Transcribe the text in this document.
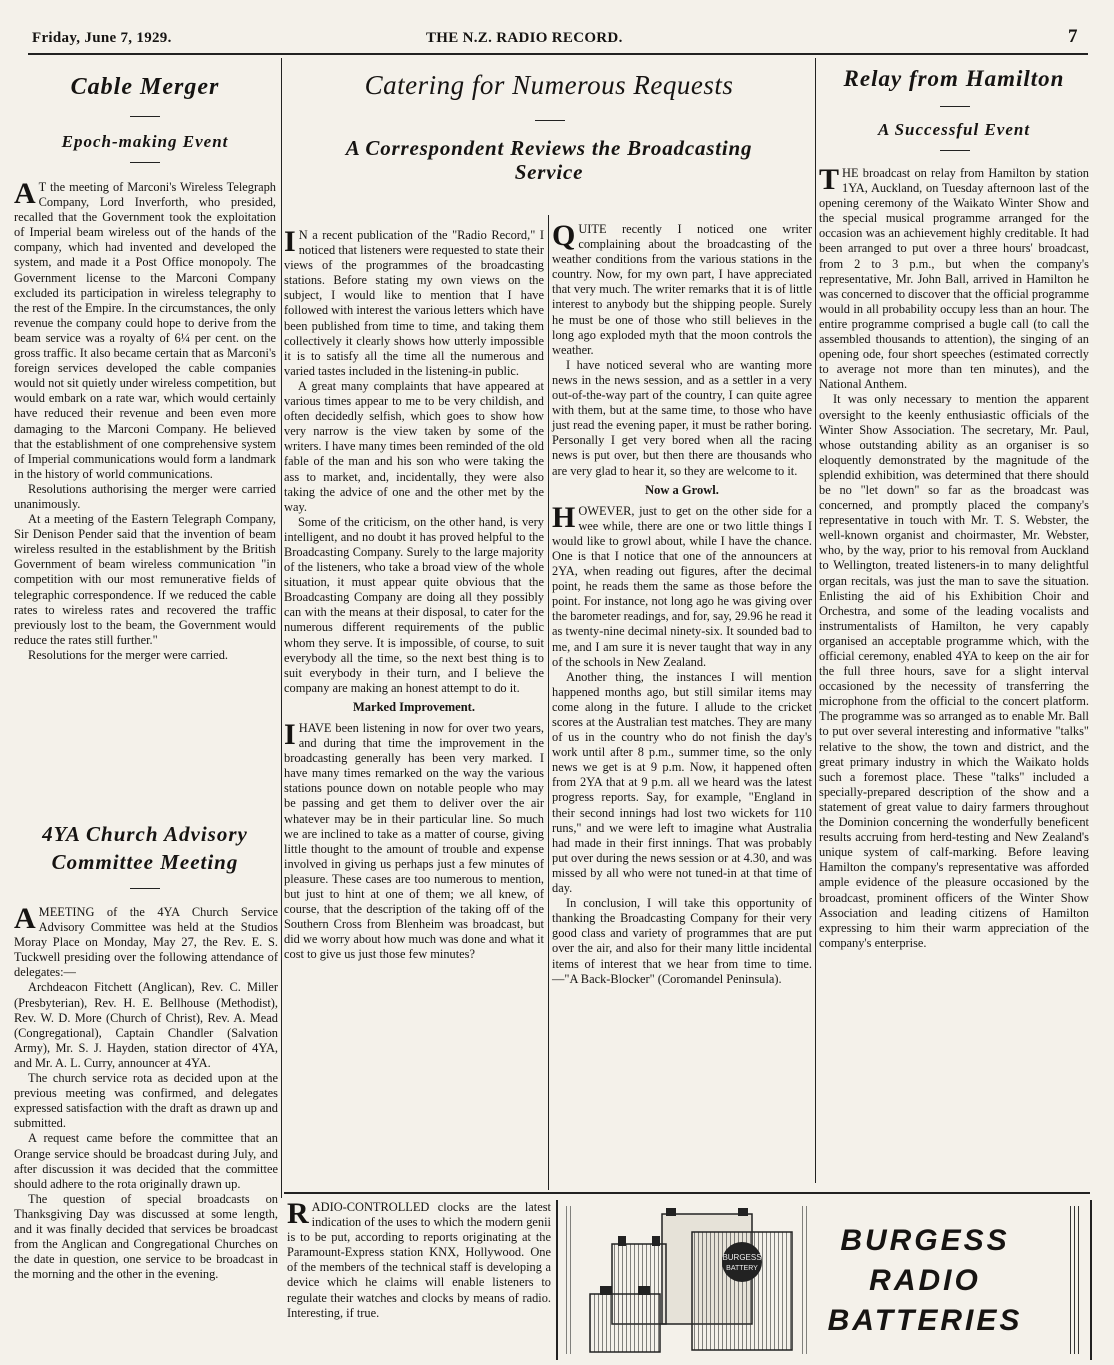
Friday, June 7, 1929.	THE N.Z. RADIO RECORD.	7
Cable Merger
Epoch-making Event

A T the meeting of Marconi's Wireless Telegraph Company, Lord Inverforth, who presided, recalled that the Government took the exploitation of Imperial beam wireless out of the hands of the company, which had invented and developed the system, and made it a Post Office monopoly. The Government license to the Marconi Company excluded its participation in wireless telegraphy to the rest of the Empire. In the circumstances, the only revenue the company could hope to derive from the beam service was a royalty of 6¼ per cent. on the gross traffic. It also became certain that as Marconi's foreign services developed the cable companies would not sit quietly under wireless competition, but would embark on a rate war, which would certainly have reduced their revenue and been even more damaging to the Marconi Company. He believed that the establishment of one comprehensive system of Imperial communications would form a landmark in the history of world communications.

Resolutions authorising the merger were carried unanimously.

At a meeting of the Eastern Telegraph Company, Sir Denison Pender said that the invention of beam wireless resulted in the establishment by the British Government of beam wireless communication "in competition with our most remunerative fields of telegraphic correspondence. If we reduced the cable rates to wireless rates and recovered the traffic previously lost to the beam, the Government would reduce the rates still further."

Resolutions for the merger were carried.

4YA Church Advisory
Committee Meeting

AMEETING of the 4YA Church Service Advisory Committee was held at the Studios Moray Place on Monday, May 27, the Rev. E. S. Tuckwell presiding over the following attendance of delegates:—

Archdeacon Fitchett (Anglican), Rev. C. Miller (Presbyterian), Rev. H. E. Bellhouse (Methodist), Rev. W. D. More (Church of Christ), Rev. A. Mead (Congregational), Captain Chandler (Salvation Army), Mr. S. J. Hayden, station director of 4YA, and Mr. A. L. Curry, announcer at 4YA.

The church service rota as decided upon at the previous meeting was confirmed, and delegates expressed satisfaction with the draft as drawn up and submitted.

A request came before the committee that an Orange service should be broadcast during July, and after discussion it was decided that the committee should adhere to the rota originally drawn up.

The question of special broadcasts on Thanksgiving Day was discussed at some length, and it was finally decided that services be broadcast from the Anglican and Congregational Churches on the date in question, one service to be broadcast in the morning and the other in the evening.

Catering for Numerous Requests
A Correspondent Reviews the Broadcasting
Service

I N a recent publication of the "Radio Record," I noticed that listeners were requested to state their views of the programmes of the broadcasting stations. Before stating my own views on the subject, I would like to mention that I have followed with interest the various letters which have been published from time to time, and taking them collectively it clearly shows how utterly impossible it is to satisfy all the time all the numerous and varied tastes included in the listening-in public.

A great many complaints that have appeared at various times appear to me to be very childish, and often decidedly selfish, which goes to show how very narrow is the view taken by some of the writers. I have many times been reminded of the old fable of the man and his son who were taking the ass to market, and, incidentally, they were also taking the advice of one and the other met by the way.

Some of the criticism, on the other hand, is very intelligent, and no doubt it has proved helpful to the Broadcasting Company. Surely to the large majority of the listeners, who take a broad view of the whole situation, it must appear quite obvious that the Broadcasting Company are doing all they possibly can with the means at their disposal, to cater for the numerous different requirements of the public whom they serve. It is impossible, of course, to suit everybody all the time, so the next best thing is to suit everybody in their turn, and I believe the company are making an honest attempt to do it.

Marked Improvement.

IHAVE been listening in now for over two years, and during that time the improvement in the broadcasting generally has been very marked. I have many times remarked on the way the various stations pounce down on notable people who may be passing and get them to deliver over the air whatever may be in their particular line. So much we are inclined to take as a matter of course, giving little thought to the amount of trouble and expense involved in giving us perhaps just a few minutes of pleasure. These cases are too numerous to mention, but just to hint at one of them; we all knew, of course, that the description of the taking off of the Southern Cross from Blenheim was broadcast, but did we worry about how much was done and what it cost to give us just those few minutes?

QUITE recently I noticed one writer complaining about the broadcasting of the weather conditions from the various stations in the country. Now, for my own part, I have appreciated that very much. The writer remarks that it is of little interest to anybody but the shipping people. Surely he must be one of those who still believes in the long ago exploded myth that the moon controls the weather.

I have noticed several who are wanting more news in the news session, and as a settler in a very out-of-the-way part of the country, I can quite agree with them, but at the same time, to those who have just read the evening paper, it must be rather boring. Personally I get very bored when all the racing news is put over, but then there are thousands who are very glad to hear it, so they are welcome to it.

Now a Growl.

HOWEVER, just to get on the other side for a wee while, there are one or two little things I would like to growl about, while I have the chance. One is that I notice that one of the announcers at 2YA, when reading out figures, after the decimal point, he reads them the same as those before the point. For instance, not long ago he was giving over the barometer readings, and for, say, 29.96 he read it as twenty-nine decimal ninety-six. It sounded bad to me, and I am sure it is never taught that way in any of the schools in New Zealand.

Another thing, the instances I will mention happened months ago, but still similar items may come along in the future. I allude to the cricket scores at the Australian test matches. They are many of us in the country who do not finish the day's work until after 8 p.m., summer time, so the only news we get is at 9 p.m. Now, it happened often from 2YA that at 9 p.m. all we heard was the latest progress reports. Say, for example, "England in their second innings had lost two wickets for 110 runs," and we were left to imagine what Australia had made in their first innings. That was probably put over during the news session or at 4.30, and was missed by all who were not tuned-in at that time of day.

In conclusion, I will take this opportunity of thanking the Broadcasting Company for their very good class and variety of programmes that are put over the air, and also for their many little incidental items of interest that we hear from time to time.—"A Back-Blocker" (Coromandel Peninsula).

Relay from Hamilton
A Successful Event

THE broadcast on relay from Hamilton by station 1YA, Auckland, on Tuesday afternoon last of the opening ceremony of the Waikato Winter Show and the special musical programme arranged for the occasion was an achievement highly creditable. It had been arranged to put over a three hours' broadcast, from 2 to 3 p.m., but when the company's representative, Mr. John Ball, arrived in Hamilton he was concerned to discover that the official programme would in all probability occupy less than an hour. The entire programme comprised a bugle call (to call the assembled thousands to attention), the singing of an opening ode, four short speeches (estimated correctly to average not more than ten minutes), and the National Anthem.

It was only necessary to mention the apparent oversight to the keenly enthusiastic officials of the Winter Show Association. The secretary, Mr. Paul, whose outstanding ability as an organiser is so eloquently demonstrated by the magnitude of the splendid exhibition, was determined that there should be no "let down" so far as the broadcast was concerned, and promptly placed the company's representative in touch with Mr. T. S. Webster, the well-known organist and choirmaster, Mr. Webster, who, by the way, prior to his removal from Auckland to Wellington, treated listeners-in to many delightful organ recitals, was just the man to save the situation. Enlisting the aid of his Exhibition Choir and Orchestra, and some of the leading vocalists and instrumentalists of Hamilton, he very capably organised an acceptable programme which, with the official ceremony, enabled 4YA to keep on the air for the full three hours, save for a slight interval occasioned by the necessity of transferring the microphone from the official to the concert platform. The programme was so arranged as to enable Mr. Ball to put over several interesting and informative "talks" relative to the show, the town and district, and the great primary industry in which the Waikato holds such a foremost place. These "talks" included a specially-prepared description of the show and a statement of great value to dairy farmers throughout the Dominion concerning the wonderfully beneficent results accruing from herd-testing and New Zealand's unique system of calf-marking. Before leaving Hamilton the company's representative was afforded ample evidence of the pleasure occasioned by the broadcast, prominent officers of the Winter Show Association and leading citizens of Hamilton expressing to him their warm appreciation of the company's enterprise.

RADIO-CONTROLLED clocks are the latest indication of the uses to which the modern genii is to be put, according to reports originating at the Paramount-Express station KNX, Hollywood. One of the members of the technical staff is developing a device which he claims will enable listeners to regulate their watches and clocks by means of radio. Interesting, if true.

BURGESS
BATTERY
BURGESS
RADIO
BATTERIES
